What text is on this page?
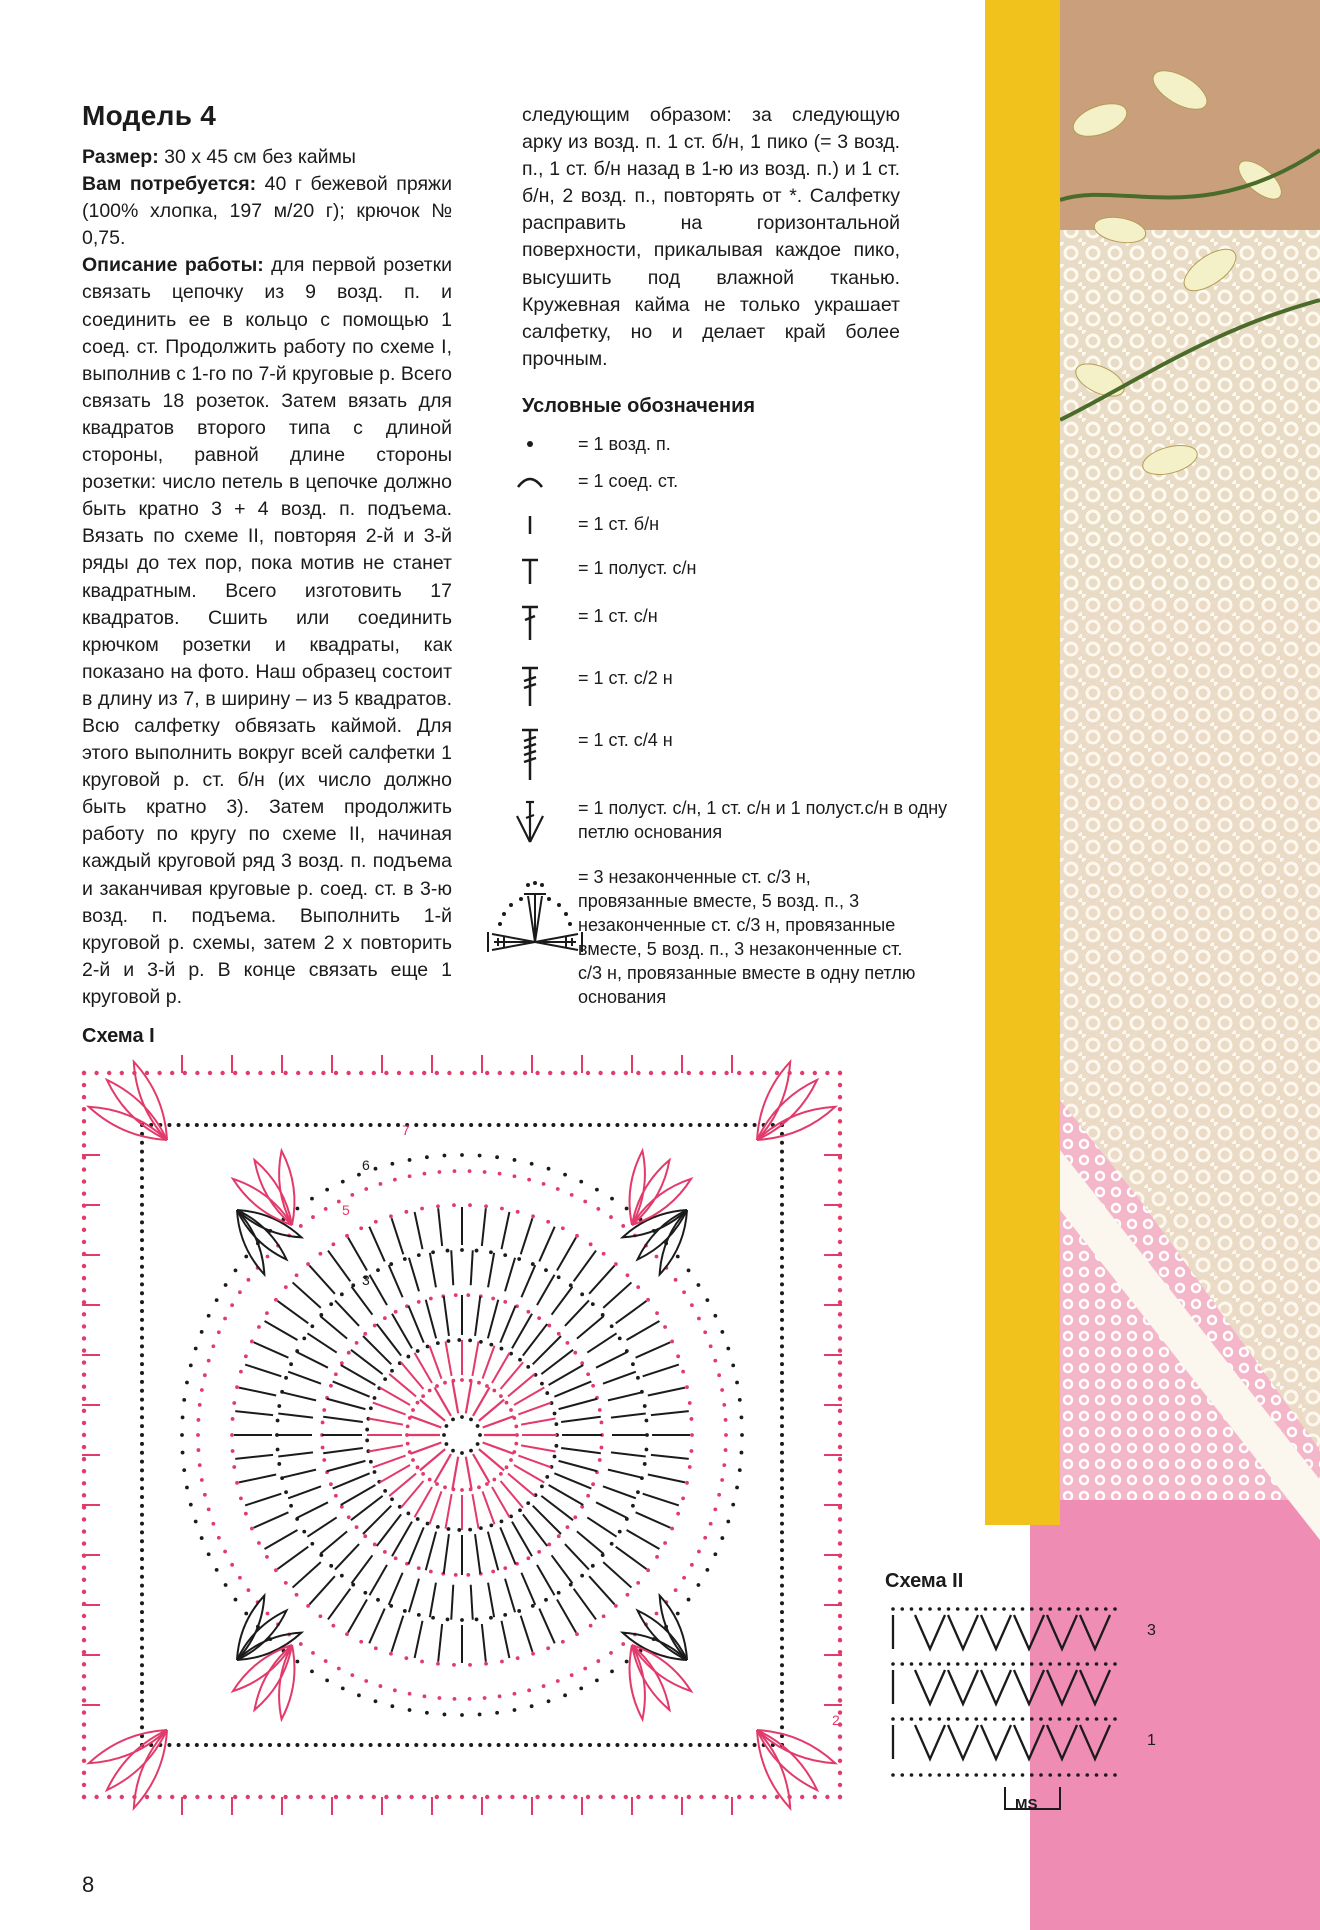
Модель 4

Размер: 30 х 45 см без каймы

Вам потребуется: 40 г бежевой пряжи (100% хлопка, 197 м/20 г); крючок № 0,75.

Описание работы: для первой розетки связать цепочку из 9 возд. п. и соединить ее в кольцо с помощью 1 соед. ст. Продолжить работу по схеме I, выполнив с 1-го по 7-й круговые р. Всего связать 18 розеток. Затем вязать для квадратов второго типа с длиной стороны, равной длине стороны розетки: число петель в цепочке должно быть кратно 3 + 4 возд. п. подъема. Вязать по схеме II, повторяя 2-й и 3-й ряды до тех пор, пока мотив не станет квадратным. Всего изготовить 17 квадратов. Сшить или соединить крючком розетки и квадраты, как показано на фото. Наш образец состоит в длину из 7, в ширину – из 5 квадратов. Всю салфетку обвязать каймой. Для этого выполнить вокруг всей салфетки 1 круговой р. ст. б/н (их число должно быть кратно 3). Затем продолжить работу по кругу по схеме II, начиная каждый круговой ряд 3 возд. п. подъема и заканчивая круговые р. соед. ст. в 3-ю возд. п. подъема. Выполнить 1-й круговой р. схемы, затем 2 х повторить 2-й и 3-й р. В конце связать еще 1 круговой р.

следующим образом: за следующую арку из возд. п. 1 ст. б/н, 1 пико (= 3 возд. п., 1 ст. б/н назад в 1-ю из возд. п.) и 1 ст. б/н, 2 возд. п., повторять от *. Салфетку расправить на горизонтальной поверхности, прикалывая каждое пико, высушить под влажной тканью. Кружевная кайма не только украшает салфетку, но и делает край более прочным.

Условные обозначения
= 1 возд. п.
= 1 соед. ст.
= 1 ст. б/н
= 1 полуст. с/н
= 1 ст. с/н
= 1 ст. с/2 н
= 1 ст. с/4 н
= 1 полуст. с/н, 1 ст. с/н и 1 полуст.с/н в одну петлю основания
= 3 незаконченные ст. с/3 н, провязанные вместе, 5 возд. п., 3 незаконченные ст. с/3 н, провязанные вместе, 5 возд. п., 3 незаконченные ст. с/3 н, провязанные вместе в одну петлю основания
Схема I
7
6
5
3
2
Схема II
3
1
MS
8
